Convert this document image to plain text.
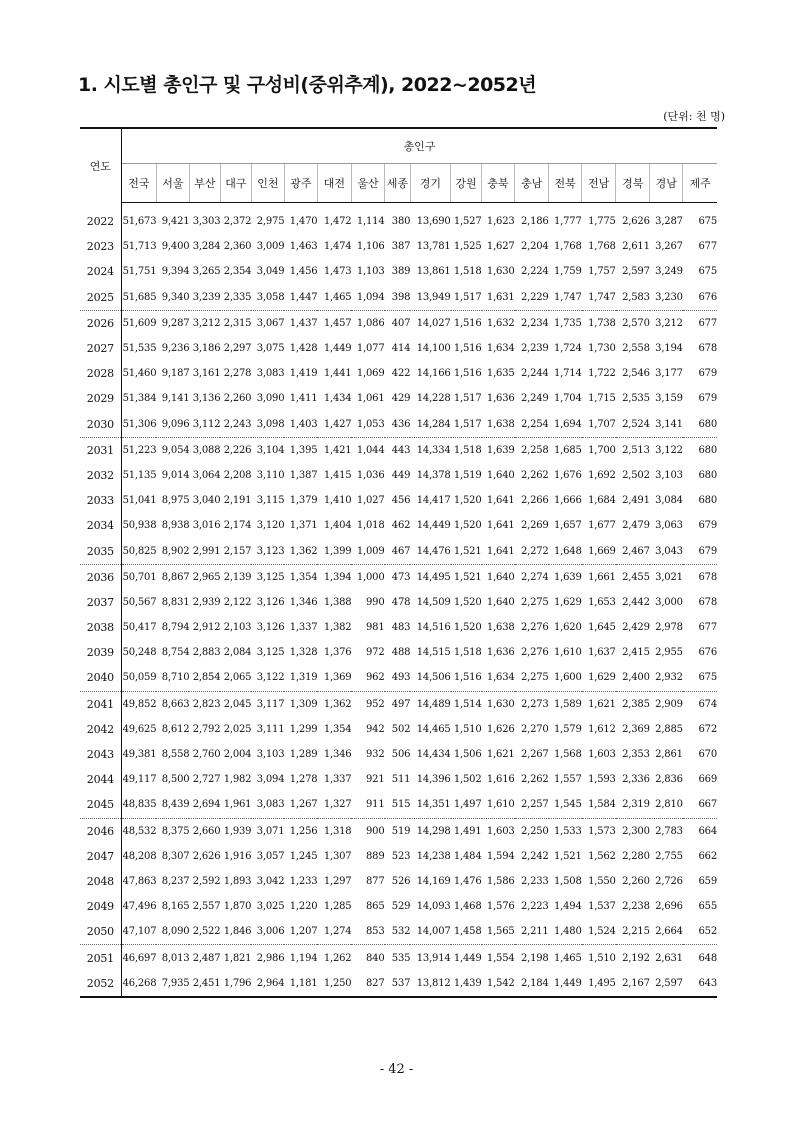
1. 시도별 총인구 및 구성비(중위추계), 2022~2052년
(단위: 천 명)
연도	총인구																	
	전국	서울	부산	대구	인천	광주	대전	울산	세종	경기	강원	충북	충남	전북	전남	경북	경남	제주
2022	51,673	9,421	3,303	2,372	2,975	1,470	1,472	1,114	380	13,690	1,527	1,623	2,186	1,777	1,775	2,626	3,287	675
2023	51,713	9,400	3,284	2,360	3,009	1,463	1,474	1,106	387	13,781	1,525	1,627	2,204	1,768	1,768	2,611	3,267	677
2024	51,751	9,394	3,265	2,354	3,049	1,456	1,473	1,103	389	13,861	1,518	1,630	2,224	1,759	1,757	2,597	3,249	675
2025	51,685	9,340	3,239	2,335	3,058	1,447	1,465	1,094	398	13,949	1,517	1,631	2,229	1,747	1,747	2,583	3,230	676
2026	51,609	9,287	3,212	2,315	3,067	1,437	1,457	1,086	407	14,027	1,516	1,632	2,234	1,735	1,738	2,570	3,212	677
2027	51,535	9,236	3,186	2,297	3,075	1,428	1,449	1,077	414	14,100	1,516	1,634	2,239	1,724	1,730	2,558	3,194	678
2028	51,460	9,187	3,161	2,278	3,083	1,419	1,441	1,069	422	14,166	1,516	1,635	2,244	1,714	1,722	2,546	3,177	679
2029	51,384	9,141	3,136	2,260	3,090	1,411	1,434	1,061	429	14,228	1,517	1,636	2,249	1,704	1,715	2,535	3,159	679
2030	51,306	9,096	3,112	2,243	3,098	1,403	1,427	1,053	436	14,284	1,517	1,638	2,254	1,694	1,707	2,524	3,141	680
2031	51,223	9,054	3,088	2,226	3,104	1,395	1,421	1,044	443	14,334	1,518	1,639	2,258	1,685	1,700	2,513	3,122	680
2032	51,135	9,014	3,064	2,208	3,110	1,387	1,415	1,036	449	14,378	1,519	1,640	2,262	1,676	1,692	2,502	3,103	680
2033	51,041	8,975	3,040	2,191	3,115	1,379	1,410	1,027	456	14,417	1,520	1,641	2,266	1,666	1,684	2,491	3,084	680
2034	50,938	8,938	3,016	2,174	3,120	1,371	1,404	1,018	462	14,449	1,520	1,641	2,269	1,657	1,677	2,479	3,063	679
2035	50,825	8,902	2,991	2,157	3,123	1,362	1,399	1,009	467	14,476	1,521	1,641	2,272	1,648	1,669	2,467	3,043	679
2036	50,701	8,867	2,965	2,139	3,125	1,354	1,394	1,000	473	14,495	1,521	1,640	2,274	1,639	1,661	2,455	3,021	678
2037	50,567	8,831	2,939	2,122	3,126	1,346	1,388	990	478	14,509	1,520	1,640	2,275	1,629	1,653	2,442	3,000	678
2038	50,417	8,794	2,912	2,103	3,126	1,337	1,382	981	483	14,516	1,520	1,638	2,276	1,620	1,645	2,429	2,978	677
2039	50,248	8,754	2,883	2,084	3,125	1,328	1,376	972	488	14,515	1,518	1,636	2,276	1,610	1,637	2,415	2,955	676
2040	50,059	8,710	2,854	2,065	3,122	1,319	1,369	962	493	14,506	1,516	1,634	2,275	1,600	1,629	2,400	2,932	675
2041	49,852	8,663	2,823	2,045	3,117	1,309	1,362	952	497	14,489	1,514	1,630	2,273	1,589	1,621	2,385	2,909	674
2042	49,625	8,612	2,792	2,025	3,111	1,299	1,354	942	502	14,465	1,510	1,626	2,270	1,579	1,612	2,369	2,885	672
2043	49,381	8,558	2,760	2,004	3,103	1,289	1,346	932	506	14,434	1,506	1,621	2,267	1,568	1,603	2,353	2,861	670
2044	49,117	8,500	2,727	1,982	3,094	1,278	1,337	921	511	14,396	1,502	1,616	2,262	1,557	1,593	2,336	2,836	669
2045	48,835	8,439	2,694	1,961	3,083	1,267	1,327	911	515	14,351	1,497	1,610	2,257	1,545	1,584	2,319	2,810	667
2046	48,532	8,375	2,660	1,939	3,071	1,256	1,318	900	519	14,298	1,491	1,603	2,250	1,533	1,573	2,300	2,783	664
2047	48,208	8,307	2,626	1,916	3,057	1,245	1,307	889	523	14,238	1,484	1,594	2,242	1,521	1,562	2,280	2,755	662
2048	47,863	8,237	2,592	1,893	3,042	1,233	1,297	877	526	14,169	1,476	1,586	2,233	1,508	1,550	2,260	2,726	659
2049	47,496	8,165	2,557	1,870	3,025	1,220	1,285	865	529	14,093	1,468	1,576	2,223	1,494	1,537	2,238	2,696	655
2050	47,107	8,090	2,522	1,846	3,006	1,207	1,274	853	532	14,007	1,458	1,565	2,211	1,480	1,524	2,215	2,664	652
2051	46,697	8,013	2,487	1,821	2,986	1,194	1,262	840	535	13,914	1,449	1,554	2,198	1,465	1,510	2,192	2,631	648
2052	46,268	7,935	2,451	1,796	2,964	1,181	1,250	827	537	13,812	1,439	1,542	2,184	1,449	1,495	2,167	2,597	643
- 42 -
